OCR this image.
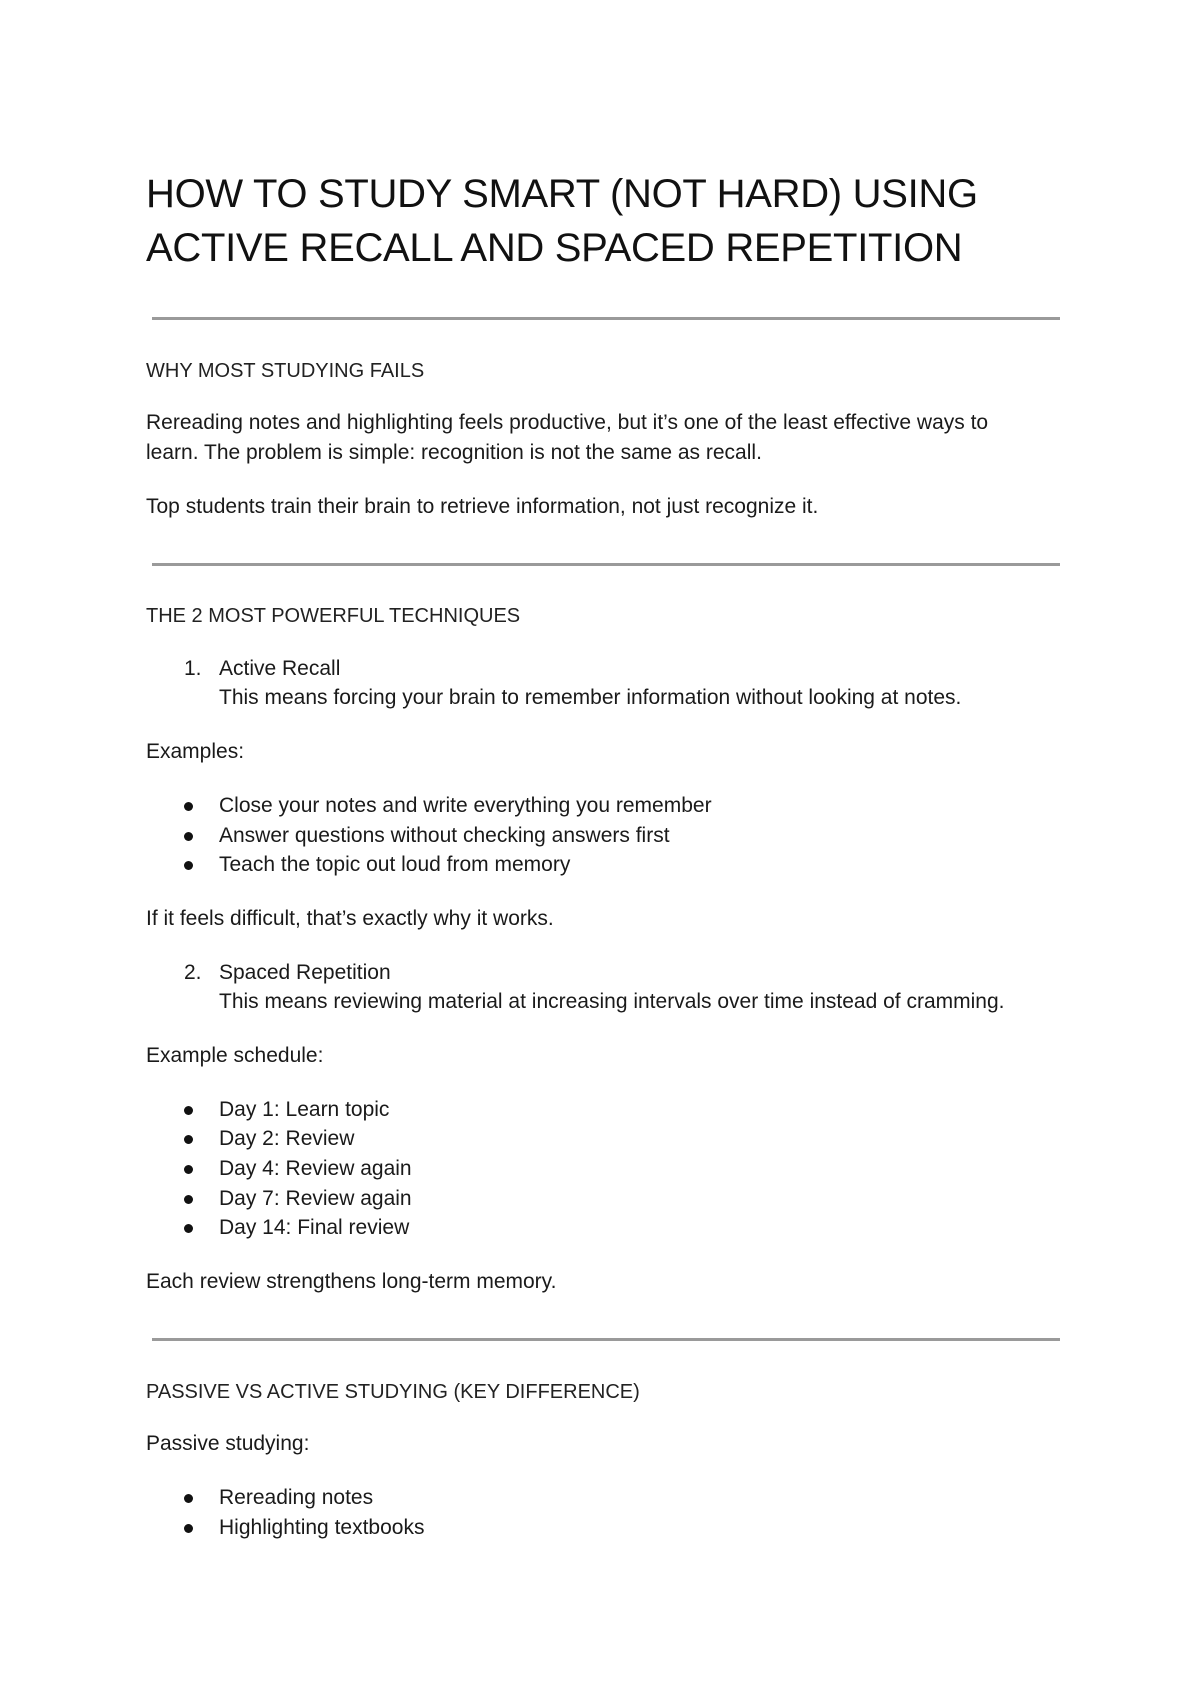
HOW TO STUDY SMART (NOT HARD) USING
ACTIVE RECALL AND SPACED REPETITION
WHY MOST STUDYING FAILS
Rereading notes and highlighting feels productive, but it’s one of the least effective ways to
learn. The problem is simple: recognition is not the same as recall.
Top students train their brain to retrieve information, not just recognize it.
THE 2 MOST POWERFUL TECHNIQUES
1. Active Recall
This means forcing your brain to remember information without looking at notes.
Examples:
Close your notes and write everything you remember
Answer questions without checking answers first
Teach the topic out loud from memory
If it feels difficult, that’s exactly why it works.
2. Spaced Repetition
This means reviewing material at increasing intervals over time instead of cramming.
Example schedule:
Day 1: Learn topic
Day 2: Review
Day 4: Review again
Day 7: Review again
Day 14: Final review
Each review strengthens long-term memory.
PASSIVE VS ACTIVE STUDYING (KEY DIFFERENCE)
Passive studying:
Rereading notes
Highlighting textbooks
